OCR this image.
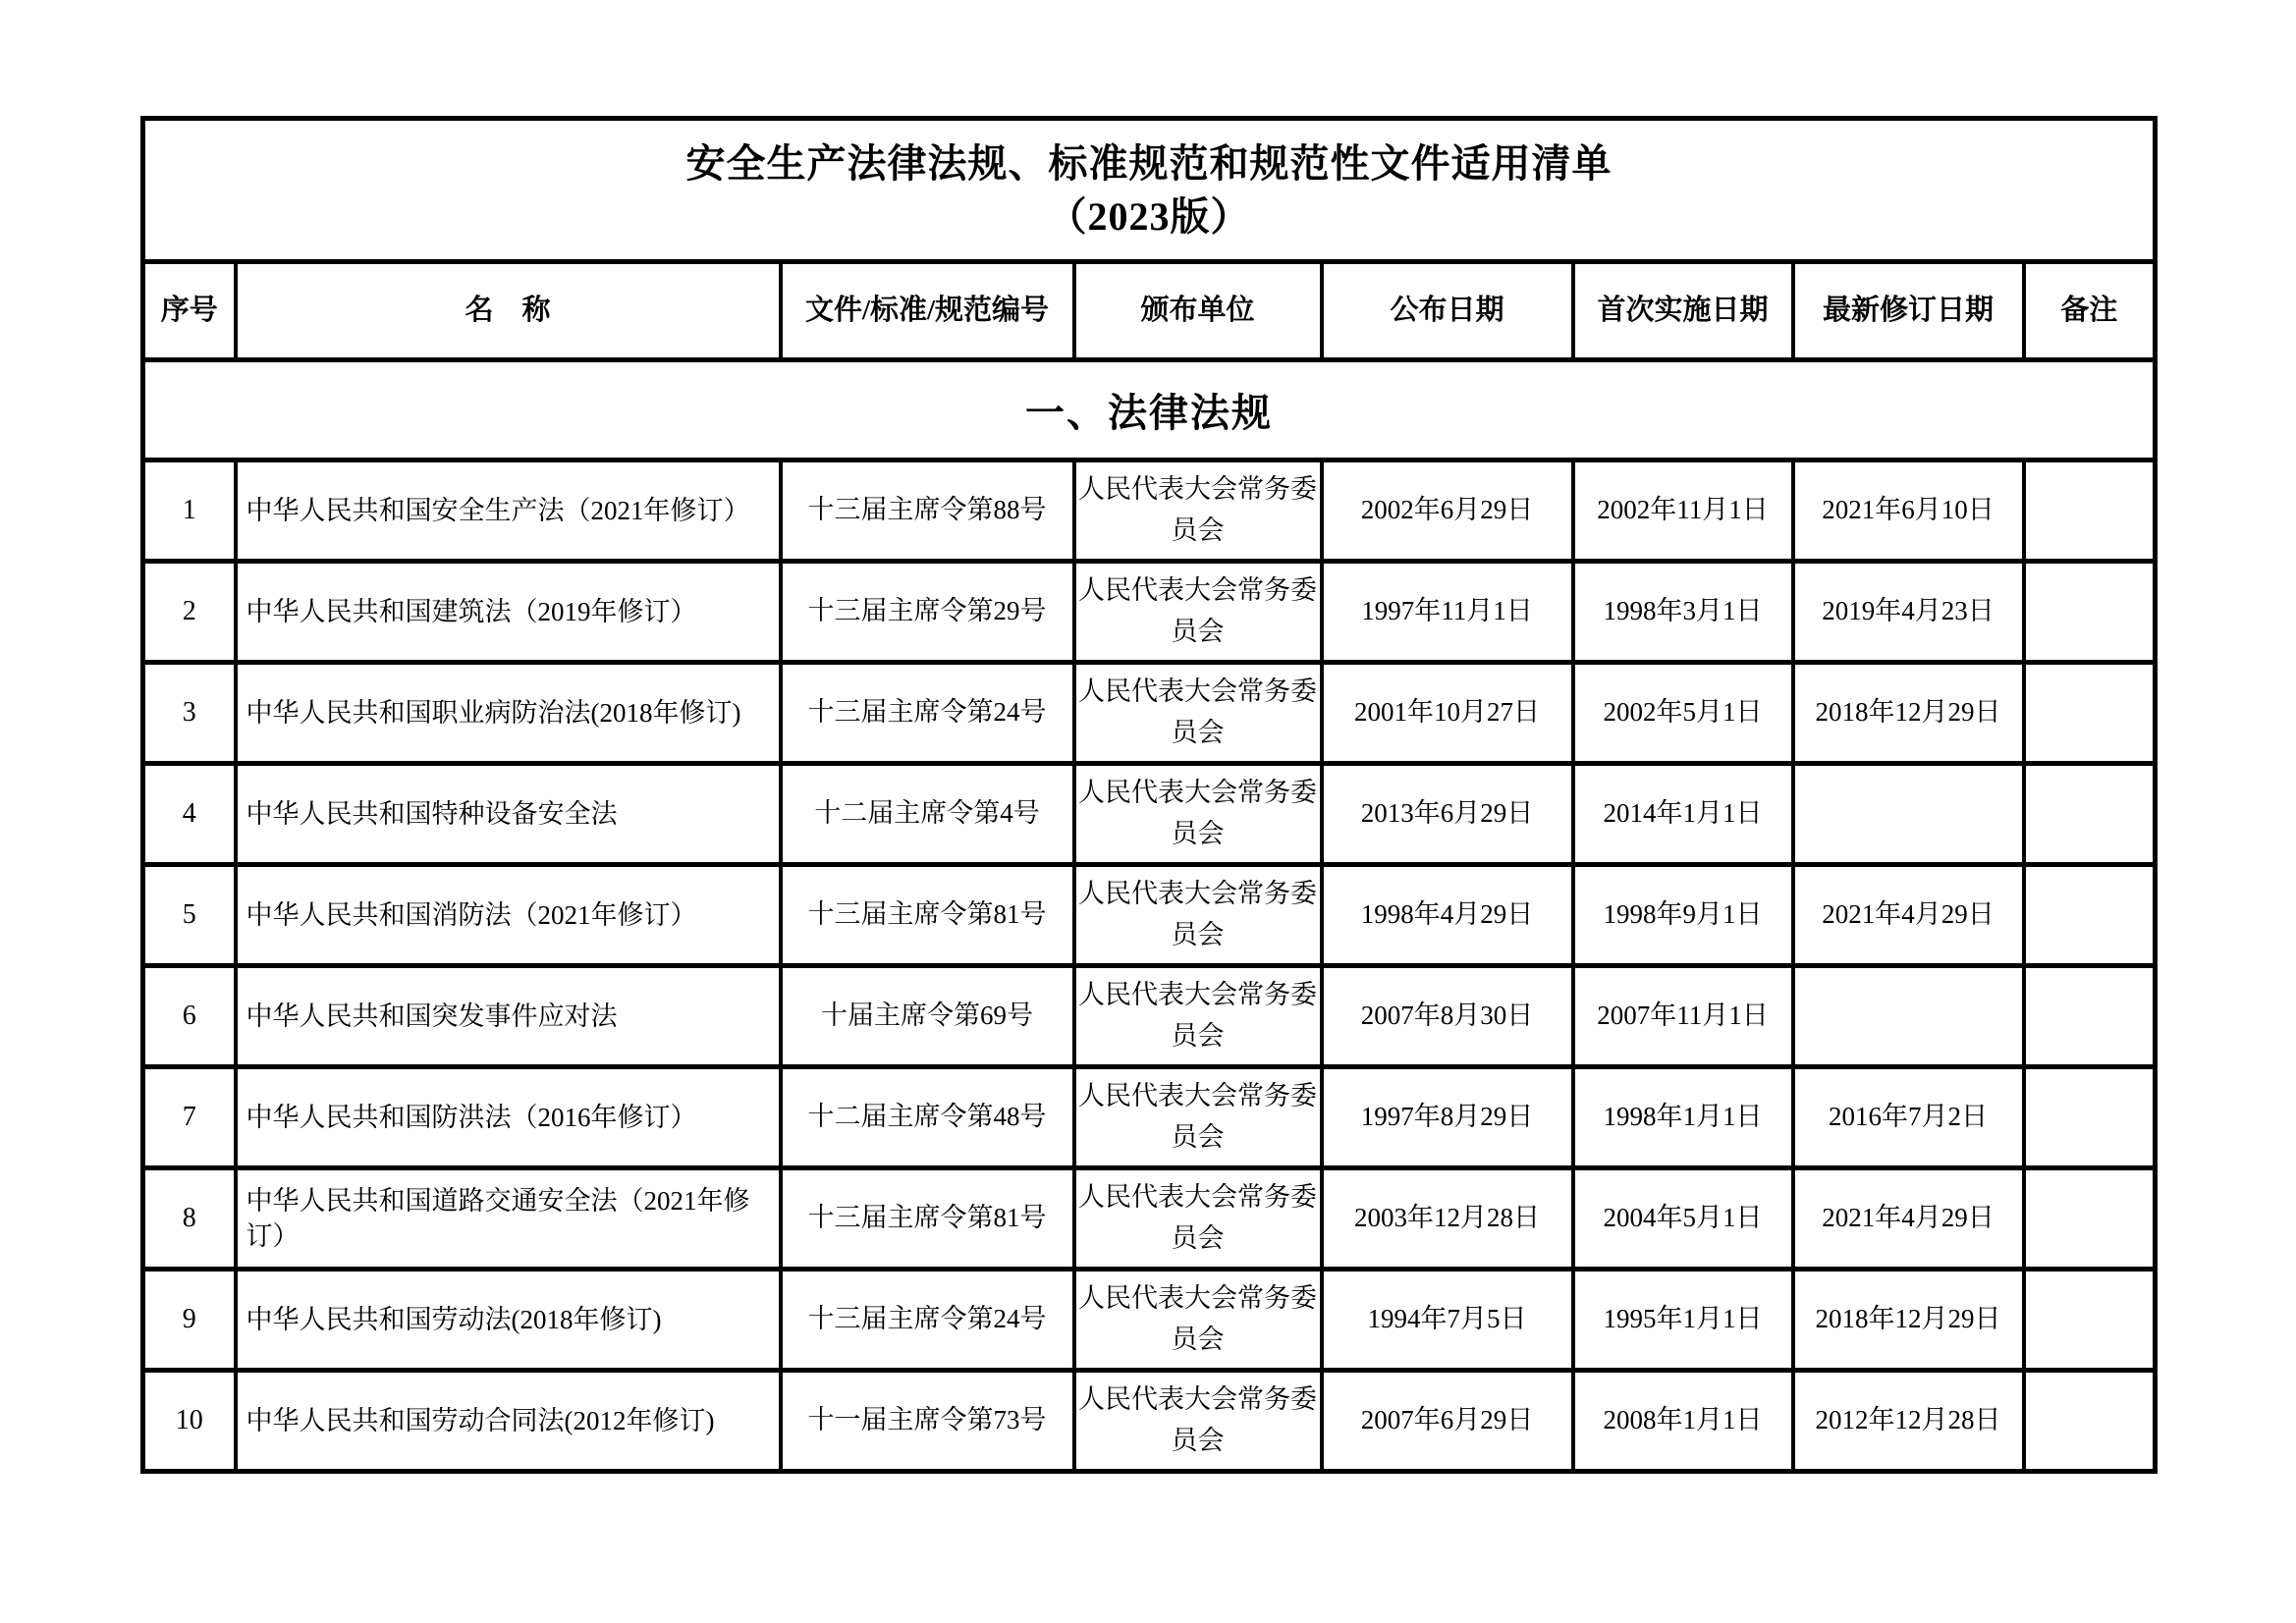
安全生产法律法规、标准规范和规范性文件适用清单
（2023版）							

序号	名　称	文件/标准/规范编号	颁布单位	公布日期	首次实施日期	最新修订日期	备注
一、法律法规							
1	中华人民共和国安全生产法（2021年修订）	十三届主席令第88号	人民代表大会常务委员会	2002年6月29日	2002年11月1日	2021年6月10日	
2	中华人民共和国建筑法（2019年修订）	十三届主席令第29号	人民代表大会常务委员会	1997年11月1日	1998年3月1日	2019年4月23日	
3	中华人民共和国职业病防治法(2018年修订)	十三届主席令第24号	人民代表大会常务委员会	2001年10月27日	2002年5月1日	2018年12月29日	
4	中华人民共和国特种设备安全法	十二届主席令第4号	人民代表大会常务委员会	2013年6月29日	2014年1月1日		
5	中华人民共和国消防法（2021年修订）	十三届主席令第81号	人民代表大会常务委员会	1998年4月29日	1998年9月1日	2021年4月29日	
6	中华人民共和国突发事件应对法	十届主席令第69号	人民代表大会常务委员会	2007年8月30日	2007年11月1日		
7	中华人民共和国防洪法（2016年修订）	十二届主席令第48号	人民代表大会常务委员会	1997年8月29日	1998年1月1日	2016年7月2日	
8	中华人民共和国道路交通安全法（2021年修订）	十三届主席令第81号	人民代表大会常务委员会	2003年12月28日	2004年5月1日	2021年4月29日	
9	中华人民共和国劳动法(2018年修订)	十三届主席令第24号	人民代表大会常务委员会	1994年7月5日	1995年1月1日	2018年12月29日	
10	中华人民共和国劳动合同法(2012年修订)	十一届主席令第73号	人民代表大会常务委员会	2007年6月29日	2008年1月1日	2012年12月28日	
